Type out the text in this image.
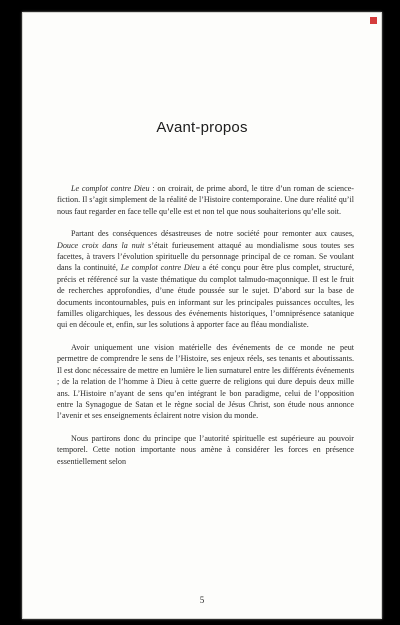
Avant-propos

Le complot contre Dieu : on croirait, de prime abord, le titre d’un roman de science-fiction. Il s’agit simplement de la réalité de l’Histoire contemporaine. Une dure réalité qu’il nous faut regarder en face telle qu’elle est et non tel que nous souhaiterions qu’elle soit.

Partant des conséquences désastreuses de notre société pour remonter aux causes, Douce croix dans la nuit s’était furieusement attaqué au mondialisme sous toutes ses facettes, à travers l’évolution spirituelle du personnage principal de ce roman. Se voulant dans la continuité, Le complot contre Dieu a été conçu pour être plus complet, structuré, précis et référencé sur la vaste thématique du complot talmudo-maçonnique. Il est le fruit de recherches approfondies, d’une étude poussée sur le sujet. D’abord sur la base de documents incontournables, puis en informant sur les principales puissances occultes, les familles oligarchiques, les dessous des événements historiques, l’omniprésence satanique qui en découle et, enfin, sur les solutions à apporter face au fléau mondialiste.

Avoir uniquement une vision matérielle des événements de ce monde ne peut permettre de comprendre le sens de l’Histoire, ses enjeux réels, ses tenants et aboutissants. Il est donc nécessaire de mettre en lumière le lien surnaturel entre les différents événements ; de la relation de l’homme à Dieu à cette guerre de religions qui dure depuis deux mille ans. L’Histoire n’ayant de sens qu’en intégrant le bon paradigme, celui de l’opposition entre la Synagogue de Satan et le règne social de Jésus Christ, son étude nous annonce l’avenir et ses enseignements éclairent notre vision du monde.

Nous partirons donc du principe que l’autorité spirituelle est supérieure au pouvoir temporel. Cette notion importante nous amène à considérer les forces en présence essentiellement selon

5
